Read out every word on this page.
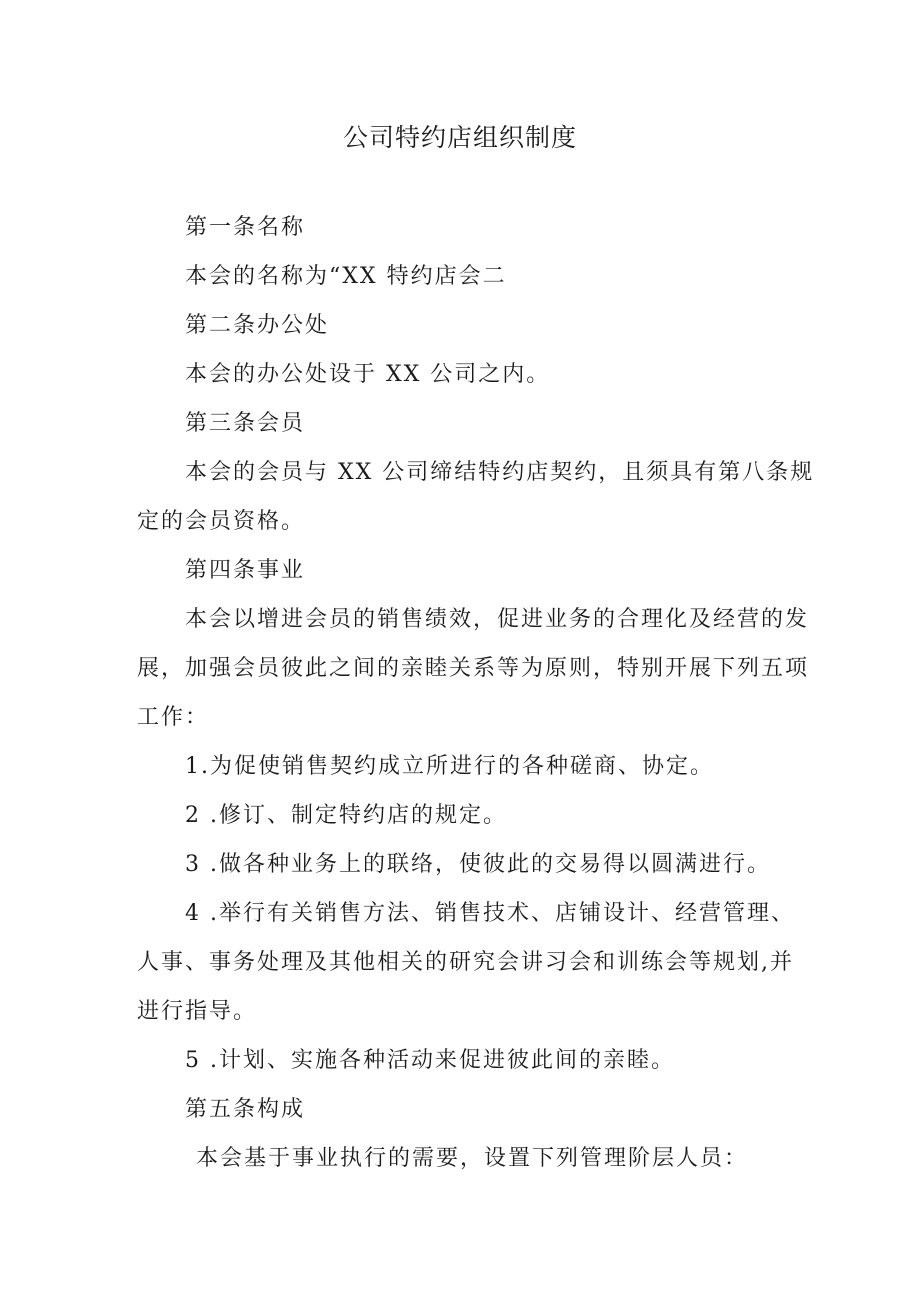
公司特约店组织制度
第一条名称
本会的名称为“XX 特约店会二
第二条办公处
本会的办公处设于 XX 公司之内。
第三条会员
本会的会员与 XX 公司缔结特约店契约，且须具有第八条规
定的会员资格。
第四条事业
本会以增进会员的销售绩效，促进业务的合理化及经营的发
展，加强会员彼此之间的亲睦关系等为原则，特别开展下列五项
工作：
1.为促使销售契约成立所进行的各种磋商、协定。
2 .修订、制定特约店的规定。
3 .做各种业务上的联络，使彼此的交易得以圆满进行。
4 .举行有关销售方法、销售技术、店铺设计、经营管理、
人事、事务处理及其他相关的研究会讲习会和训练会等规划,并
进行指导。
5 .计划、实施各种活动来促进彼此间的亲睦。
第五条构成
本会基于事业执行的需要，设置下列管理阶层人员：
